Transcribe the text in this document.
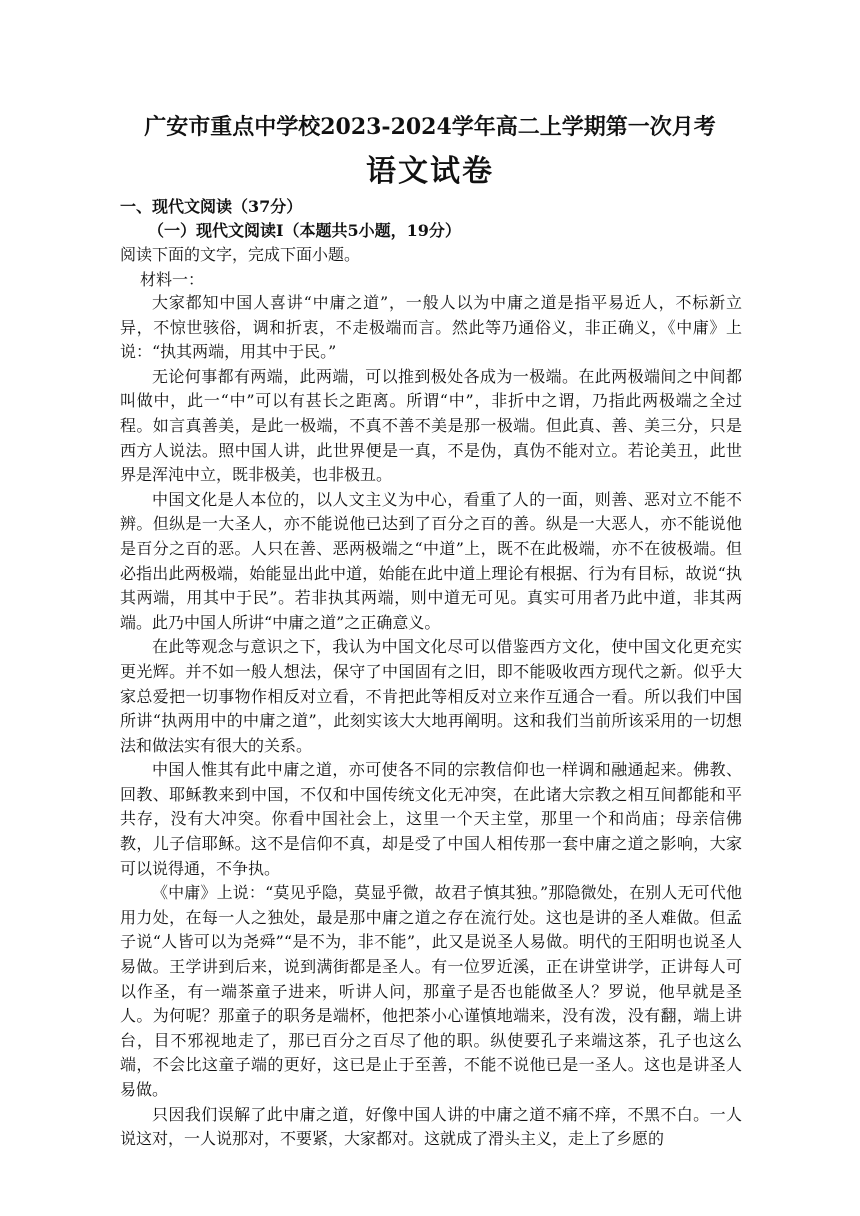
广安市重点中学校2023-2024学年高二上学期第一次月考
语文试卷
一、现代文阅读（37分）
（一）现代文阅读Ⅰ（本题共5小题，19分）
阅读下面的文字，完成下面小题。
材料一：

大家都知中国人喜讲“中庸之道”，一般人以为中庸之道是指平易近人，不标新立异，不惊世骇俗，调和折衷，不走极端而言。然此等乃通俗义，非正确义，《中庸》上说：“执其两端，用其中于民。”

无论何事都有两端，此两端，可以推到极处各成为一极端。在此两极端间之中间都叫做中，此一“中”可以有甚长之距离。所谓“中”，非折中之谓，乃指此两极端之全过程。如言真善美，是此一极端，不真不善不美是那一极端。但此真、善、美三分，只是西方人说法。照中国人讲，此世界便是一真，不是伪，真伪不能对立。若论美丑，此世界是浑沌中立，既非极美，也非极丑。

中国文化是人本位的，以人文主义为中心，看重了人的一面，则善、恶对立不能不辨。但纵是一大圣人，亦不能说他已达到了百分之百的善。纵是一大恶人，亦不能说他是百分之百的恶。人只在善、恶两极端之“中道”上，既不在此极端，亦不在彼极端。但必指出此两极端，始能显出此中道，始能在此中道上理论有根据、行为有目标，故说“执其两端，用其中于民”。若非执其两端，则中道无可见。真实可用者乃此中道，非其两端。此乃中国人所讲“中庸之道”之正确意义。

在此等观念与意识之下，我认为中国文化尽可以借鉴西方文化，使中国文化更充实更光辉。并不如一般人想法，保守了中国固有之旧，即不能吸收西方现代之新。似乎大家总爱把一切事物作相反对立看，不肯把此等相反对立来作互通合一看。所以我们中国所讲“执两用中的中庸之道”，此刻实该大大地再阐明。这和我们当前所该采用的一切想法和做法实有很大的关系。

中国人惟其有此中庸之道，亦可使各不同的宗教信仰也一样调和融通起来。佛教、回教、耶稣教来到中国，不仅和中国传统文化无冲突，在此诸大宗教之相互间都能和平共存，没有大冲突。你看中国社会上，这里一个天主堂，那里一个和尚庙；母亲信佛教，儿子信耶稣。这不是信仰不真，却是受了中国人相传那一套中庸之道之影响，大家可以说得通，不争执。

《中庸》上说：“莫见乎隐，莫显乎微，故君子慎其独。”那隐微处，在别人无可代他用力处，在每一人之独处，最是那中庸之道之存在流行处。这也是讲的圣人难做。但孟子说“人皆可以为尧舜”“是不为，非不能”，此又是说圣人易做。明代的王阳明也说圣人易做。王学讲到后来，说到满街都是圣人。有一位罗近溪，正在讲堂讲学，正讲每人可以作圣，有一端茶童子进来，听讲人问，那童子是否也能做圣人？罗说，他早就是圣人。为何呢？那童子的职务是端杯，他把茶小心谨慎地端来，没有泼，没有翻，端上讲台，目不邪视地走了，那已百分之百尽了他的职。纵使要孔子来端这茶，孔子也这么端，不会比这童子端的更好，这已是止于至善，不能不说他已是一圣人。这也是讲圣人易做。

只因我们误解了此中庸之道，好像中国人讲的中庸之道不痛不痒，不黑不白。一人说这对，一人说那对，不要紧，大家都对。这就成了滑头主义，走上了乡愿的
